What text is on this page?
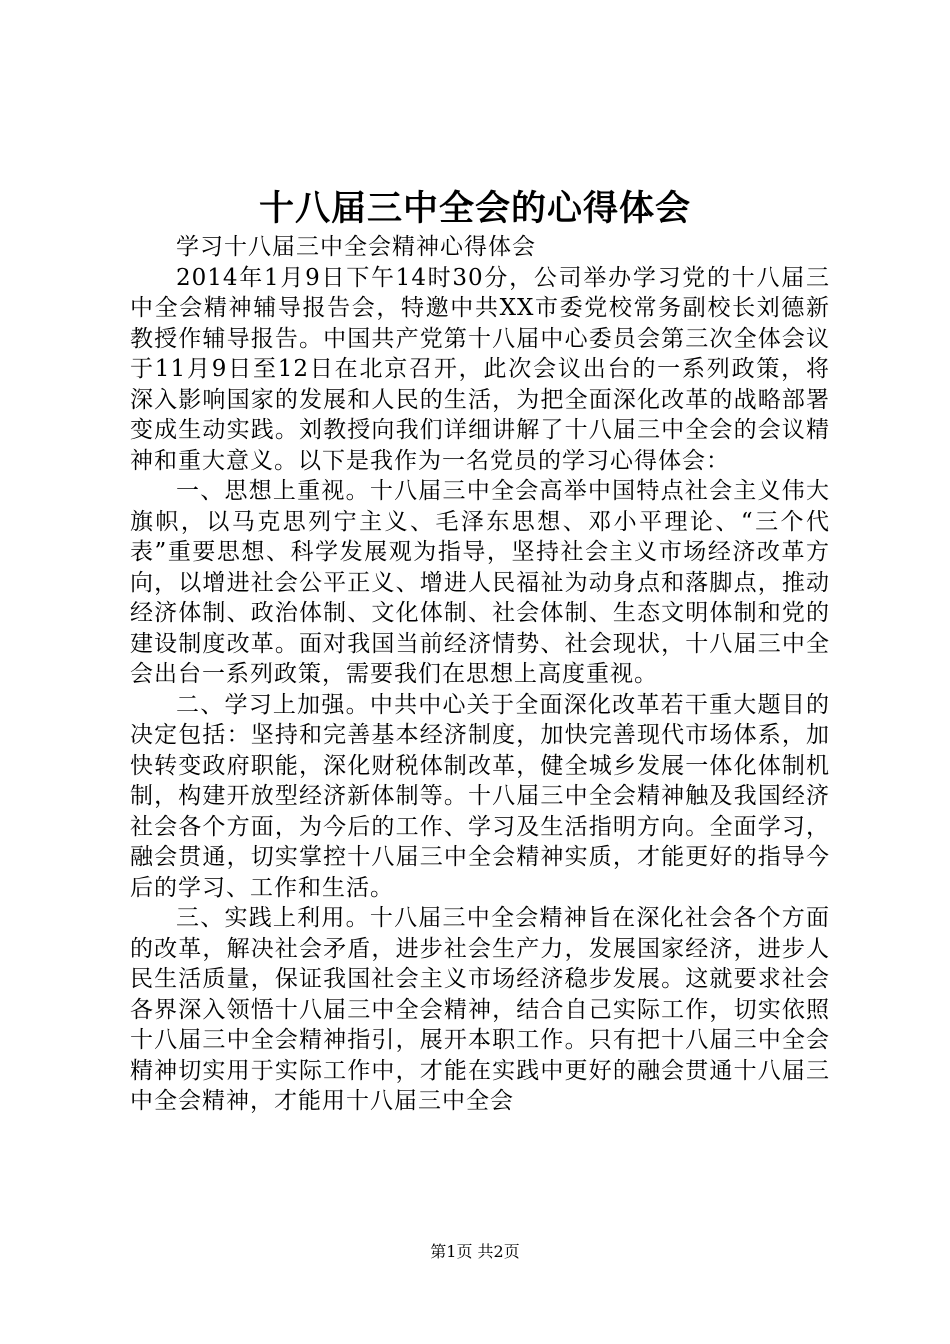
十八届三中全会的心得体会

学习十八届三中全会精神心得体会

2014年1月9日下午14时30分，公司举办学习党的十八届三中全会精神辅导报告会，特邀中共XX市委党校常务副校长刘德新教授作辅导报告。中国共产党第十八届中心委员会第三次全体会议于11月9日至12日在北京召开，此次会议出台的一系列政策，将深入影响国家的发展和人民的生活，为把全面深化改革的战略部署变成生动实践。刘教授向我们详细讲解了十八届三中全会的会议精神和重大意义。以下是我作为一名党员的学习心得体会：

一、思想上重视。十八届三中全会高举中国特点社会主义伟大旗帜，以马克思列宁主义、毛泽东思想、邓小平理论、“三个代表”重要思想、科学发展观为指导，坚持社会主义市场经济改革方向，以增进社会公平正义、增进人民福祉为动身点和落脚点，推动经济体制、政治体制、文化体制、社会体制、生态文明体制和党的建设制度改革。面对我国当前经济情势、社会现状，十八届三中全会出台一系列政策，需要我们在思想上高度重视。

二、学习上加强。中共中心关于全面深化改革若干重大题目的决定包括：坚持和完善基本经济制度，加快完善现代市场体系，加快转变政府职能，深化财税体制改革，健全城乡发展一体化体制机制，构建开放型经济新体制等。十八届三中全会精神触及我国经济社会各个方面，为今后的工作、学习及生活指明方向。全面学习，融会贯通，切实掌控十八届三中全会精神实质，才能更好的指导今后的学习、工作和生活。

三、实践上利用。十八届三中全会精神旨在深化社会各个方面的改革，解决社会矛盾，进步社会生产力，发展国家经济，进步人民生活质量，保证我国社会主义市场经济稳步发展。这就要求社会各界深入领悟十八届三中全会精神，结合自己实际工作，切实依照十八届三中全会精神指引，展开本职工作。只有把十八届三中全会精神切实用于实际工作中，才能在实践中更好的融会贯通十八届三中全会精神，才能用十八届三中全会

第1页 共2页
